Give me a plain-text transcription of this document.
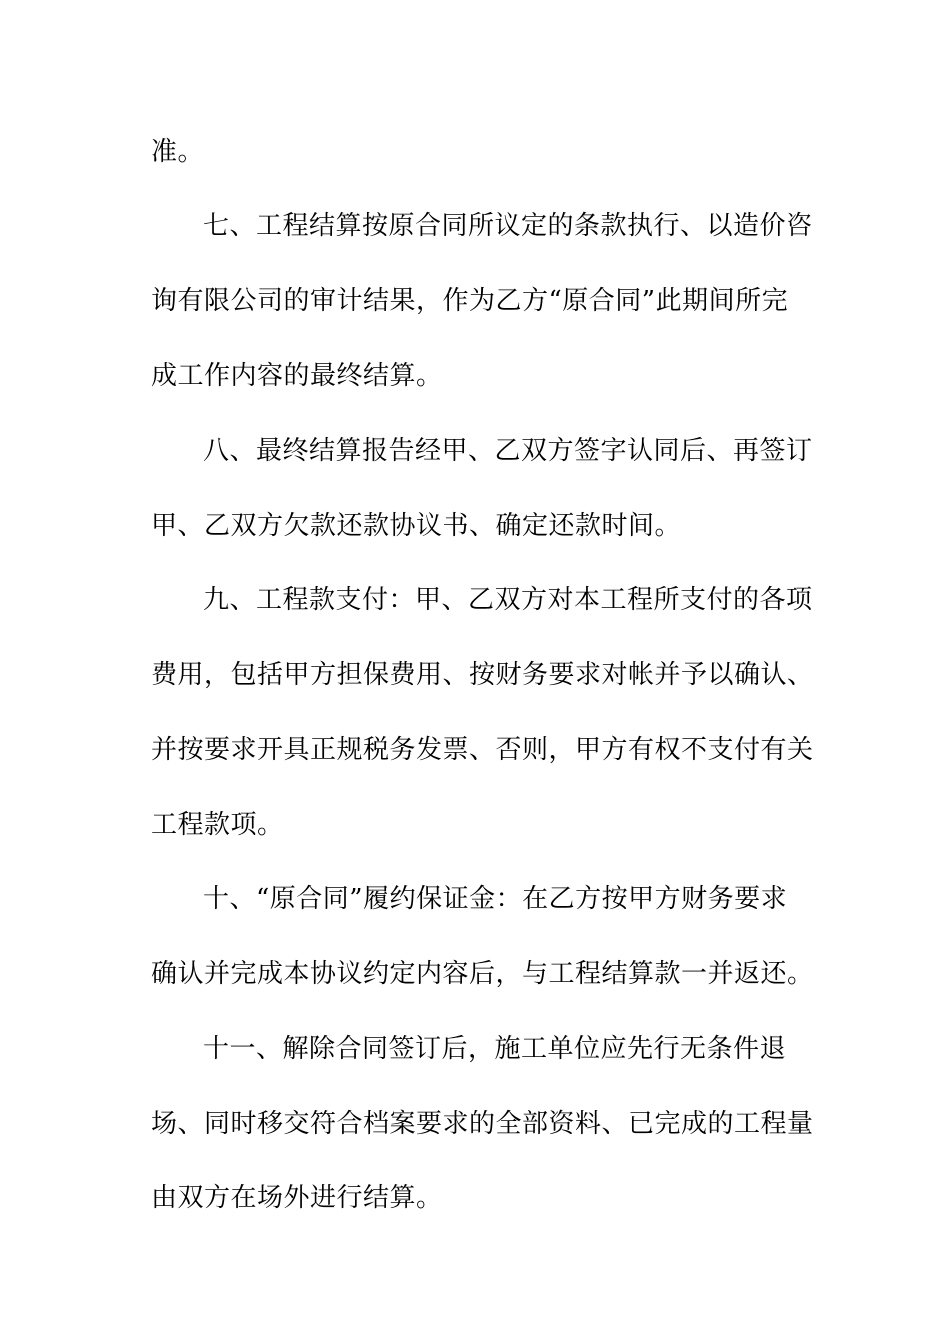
准。
七、工程结算按原合同所议定的条款执行、以造价咨
询有限公司的审计结果，作为乙方“原合同”此期间所完
成工作内容的最终结算。
八、最终结算报告经甲、乙双方签字认同后、再签订
甲、乙双方欠款还款协议书、确定还款时间。
九、工程款支付：甲、乙双方对本工程所支付的各项
费用，包括甲方担保费用、按财务要求对帐并予以确认、
并按要求开具正规税务发票、否则，甲方有权不支付有关
工程款项。
十、“原合同”履约保证金：在乙方按甲方财务要求
确认并完成本协议约定内容后，与工程结算款一并返还。
十一、解除合同签订后，施工单位应先行无条件退
场、同时移交符合档案要求的全部资料、已完成的工程量
由双方在场外进行结算。
